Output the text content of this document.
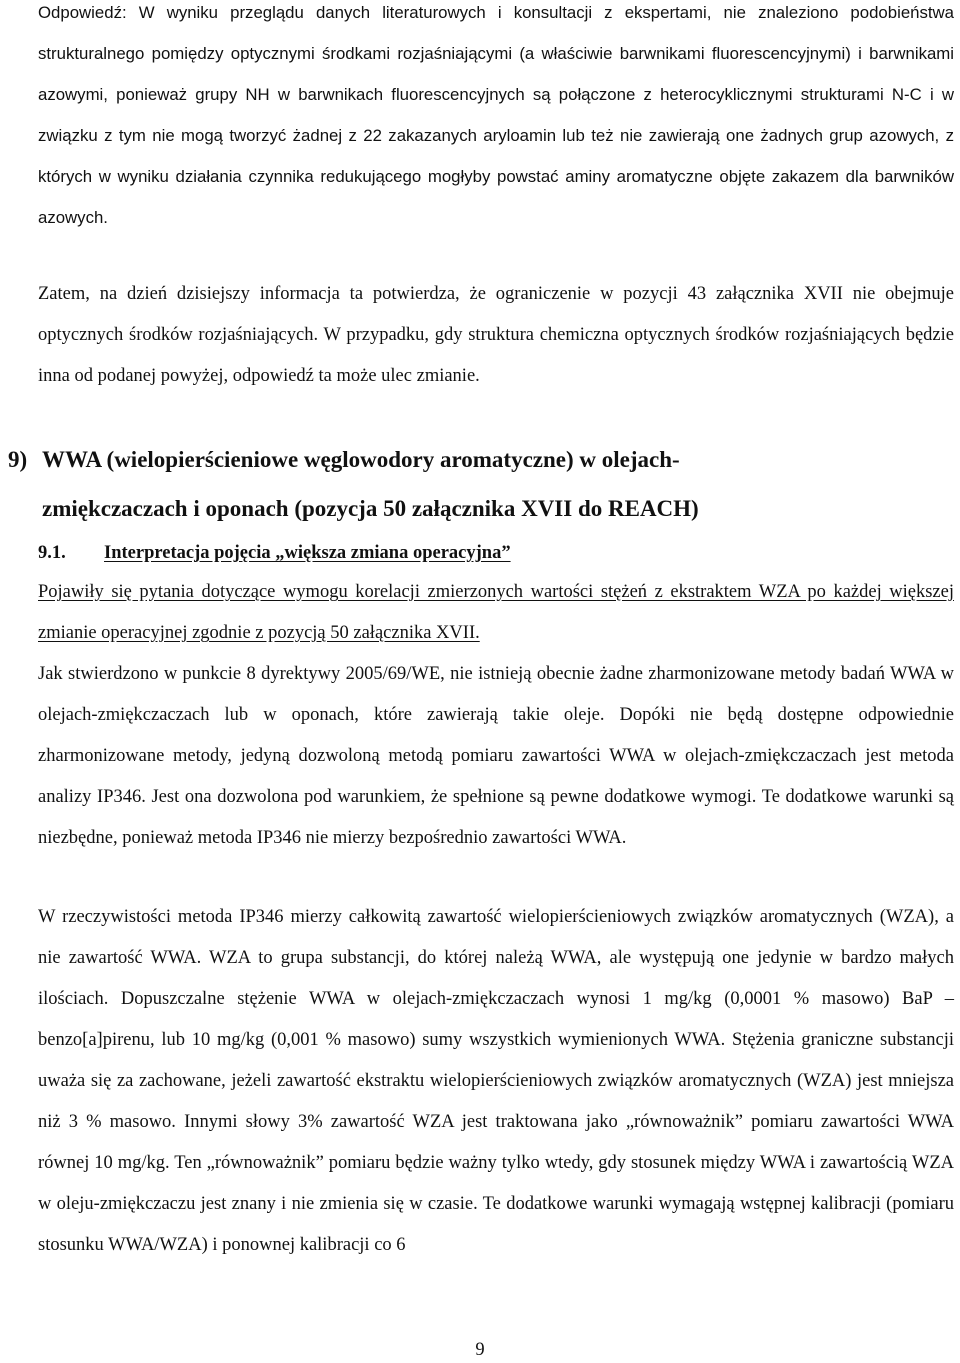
Odpowiedź: W wyniku przeglądu danych literaturowych i konsultacji z ekspertami, nie znaleziono podobieństwa strukturalnego pomiędzy optycznymi środkami rozjaśniającymi (a właściwie barwnikami fluorescencyjnymi) i barwnikami azowymi, ponieważ grupy NH w barwnikach fluorescencyjnych są połączone z heterocyklicznymi strukturami N-C i w związku z tym nie mogą tworzyć żadnej z 22 zakazanych aryloamin lub też nie zawierają one żadnych grup azowych, z których w wyniku działania czynnika redukującego mogłyby powstać aminy aromatyczne objęte zakazem dla barwników azowych.

Zatem, na dzień dzisiejszy informacja ta potwierdza, że ograniczenie w pozycji 43 załącznika XVII nie obejmuje optycznych środków rozjaśniających. W przypadku, gdy struktura chemiczna optycznych środków rozjaśniających będzie inna od podanej powyżej, odpowiedź ta może ulec zmianie.

9) WWA (wielopierścieniowe węglowodory aromatyczne) w olejach-
zmiękczaczach i oponach (pozycja 50 załącznika XVII do REACH)
9.1. Interpretacja pojęcia „większa zmiana operacyjna”

Pojawiły się pytania dotyczące wymogu korelacji zmierzonych wartości stężeń z ekstraktem WZA po każdej większej zmianie operacyjnej zgodnie z pozycją 50 załącznika XVII.

Jak stwierdzono w punkcie 8 dyrektywy 2005/69/WE, nie istnieją obecnie żadne zharmonizowane metody badań WWA w olejach-zmiękczaczach lub w oponach, które zawierają takie oleje. Dopóki nie będą dostępne odpowiednie zharmonizowane metody, jedyną dozwoloną metodą pomiaru zawartości WWA w olejach-zmiękczaczach jest metoda analizy IP346. Jest ona dozwolona pod warunkiem, że spełnione są pewne dodatkowe wymogi. Te dodatkowe warunki są niezbędne, ponieważ metoda IP346 nie mierzy bezpośrednio zawartości WWA.

W rzeczywistości metoda IP346 mierzy całkowitą zawartość wielopierścieniowych związków aromatycznych (WZA), a nie zawartość WWA. WZA to grupa substancji, do której należą WWA, ale występują one jedynie w bardzo małych ilościach. Dopuszczalne stężenie WWA w olejach-zmiękczaczach wynosi 1 mg/kg (0,0001 % masowo) BaP – benzo[a]pirenu, lub 10 mg/kg (0,001 % masowo) sumy wszystkich wymienionych WWA. Stężenia graniczne substancji uważa się za zachowane, jeżeli zawartość ekstraktu wielopierścieniowych związków aromatycznych (WZA) jest mniejsza niż 3 % masowo. Innymi słowy 3% zawartość WZA jest traktowana jako „równoważnik” pomiaru zawartości WWA równej 10 mg/kg. Ten „równoważnik” pomiaru będzie ważny tylko wtedy, gdy stosunek między WWA i zawartością WZA w oleju-zmiękczaczu jest znany i nie zmienia się w czasie. Te dodatkowe warunki wymagają wstępnej kalibracji (pomiaru stosunku WWA/WZA) i ponownej kalibracji co 6

9
